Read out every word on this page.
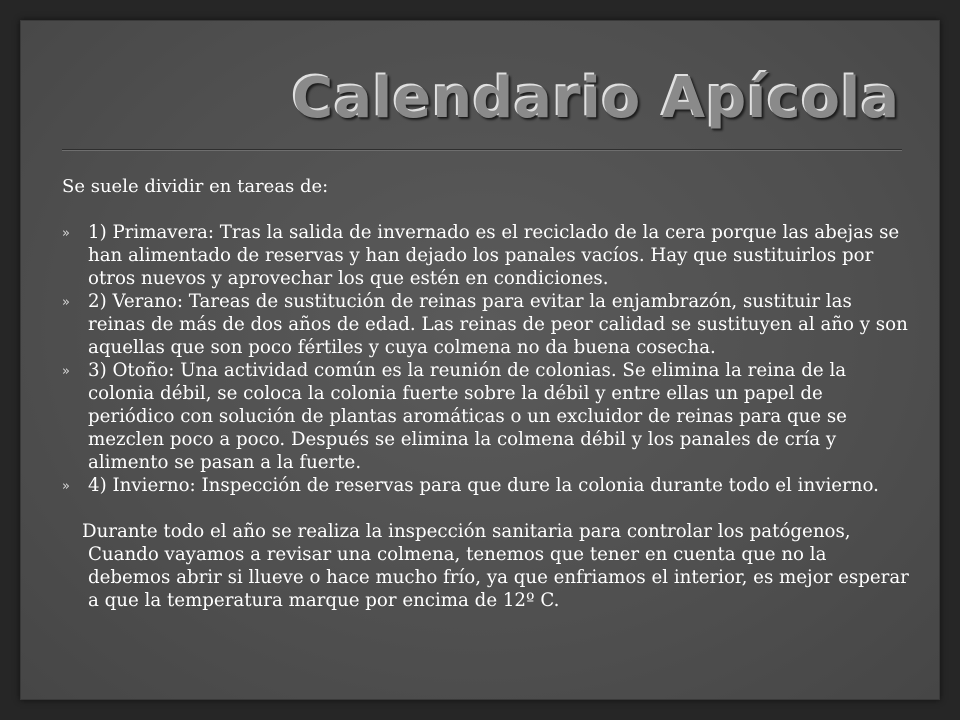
Calendario Apícola

Se suele dividir en tareas de:

» 1) Primavera: Tras la salida de invernado es el reciclado de la cera porque las abejas se han alimentado de reservas y han dejado los panales vacíos. Hay que sustituirlos por otros nuevos y aprovechar los que estén en condiciones.
» 2) Verano: Tareas de sustitución de reinas para evitar la enjambrazón, sustituir las reinas de más de dos años de edad. Las reinas de peor calidad se sustituyen al año y son aquellas que son poco fértiles y cuya colmena no da buena cosecha.
» 3) Otoño: Una actividad común es la reunión de colonias. Se elimina la reina de la colonia débil, se coloca la colonia fuerte sobre la débil y entre ellas un papel de periódico con solución de plantas aromáticas o un excluidor de reinas para que se mezclen poco a poco. Después se elimina la colmena débil y los panales de cría y alimento se pasan a la fuerte.
» 4) Invierno: Inspección de reservas para que dure la colonia durante todo el invierno.

Durante todo el año se realiza la inspección sanitaria para controlar los patógenos, Cuando vayamos a revisar una colmena, tenemos que tener en cuenta que no la debemos abrir si llueve o hace mucho frío, ya que enfriamos el interior, es mejor esperar a que la temperatura marque por encima de 12º C.
